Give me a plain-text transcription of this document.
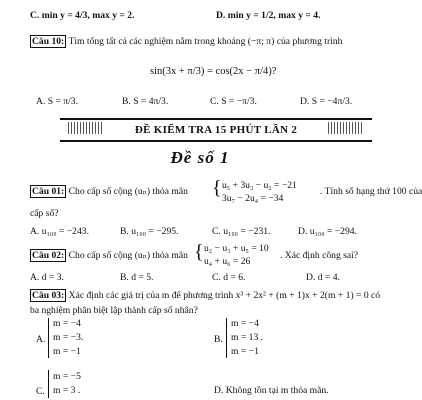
C. min y = 4/3, max y = 2.	D. min y = 1/2, max y = 4.
Câu 10: Tìm tổng tất cả các nghiệm nằm trong khoảng (−π; π) của phương trình
sin(3x + π/3) = cos(2x − π/4)?
A. S = π/3.	B. S = 4π/3.	C. S = −π/3.	D. S = −4π/3.
ĐỀ KIỂM TRA 15 PHÚT LẦN 2
Đề số 1
Câu 01: Cho cấp số cộng (uₙ) thỏa mãn { u₅ + 3u₃ − u₂ = −21
3u₇ − 2u₄ = −34
. Tính số hạng thứ 100 của
cấp số?
A. u₁₀₀ = −243.	B. u₁₀₀ = −295.	C. u₁₀₀ = −231.	D. u₁₀₀ = −294.
Câu 02: Cho cấp số cộng (uₙ) thỏa mãn { u₂ − u₃ + u₅ = 10
u₄ + u₆ = 26
. Xác định công sai?
A. d = 3.	B. d = 5.	C. d = 6.	D. d = 4.
Câu 03: Xác định các giá trị của m để phương trình x³ + 2x² + (m + 1)x + 2(m + 1) = 0 có
ba nghiệm phân biệt lập thành cấp số nhân?
A.
m = −4
m = −3.
m = −1
B.
m = −4
m = 13 .
m = −1
C.
m = −5
m = 3 .	D. Không tồn tại m thỏa mãn.
